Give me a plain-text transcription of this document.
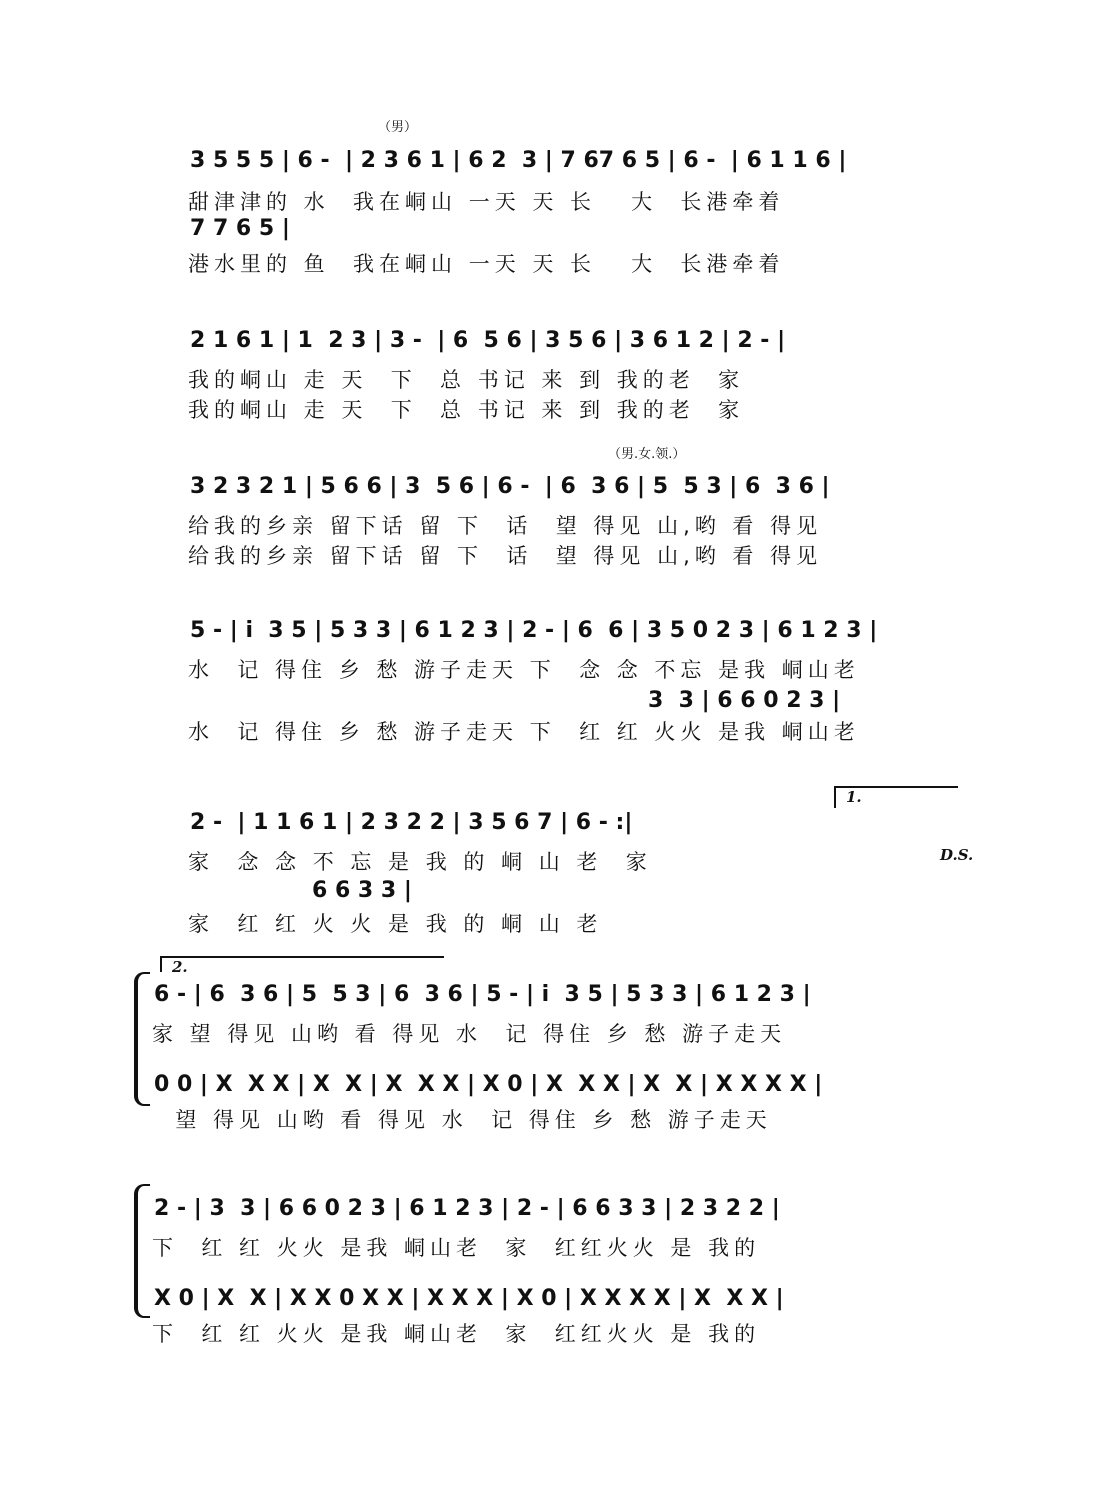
（男）
3 5 5 5 | 6 -  | 2 3 6 1 | 6 2  3 | 7 67 6 5 | 6 -  | 6 1 1 6 |
甜津津的 水  我在峒山 一天 天 长   大  长港牵着
7 7 6 5 |
港水里的 鱼  我在峒山 一天 天 长   大  长港牵着
2 1 6 1 | 1  2 3 | 3 -  | 6  5 6 | 3 5 6 | 3 6 1 2 | 2 - |
我的峒山 走 天  下  总 书记 来 到 我的老  家
我的峒山 走 天  下  总 书记 来 到 我的老  家
（男.女.领.）
3 2 3 2 1 | 5 6 6 | 3  5 6 | 6 -  | 6  3 6 | 5  5 3 | 6  3 6 |
给我的乡亲 留下话 留 下  话  望 得见 山,哟 看 得见
给我的乡亲 留下话 留 下  话  望 得见 山,哟 看 得见
5 - | i  3 5 | 5 3 3 | 6 1 2 3 | 2 - | 6  6 | 3 5 0 2 3 | 6 1 2 3 |
水  记 得住 乡 愁 游子走天 下  念 念 不忘 是我 峒山老
3  3 | 6 6 0 2 3 |
水  记 得住 乡 愁 游子走天 下  红 红 火火 是我 峒山老
1.
2 -  | 1 1 6 1 | 2 3 2 2 | 3 5 6 7 | 6 - :|
家  念 念 不 忘 是 我 的 峒 山 老  家	D.S.
6 6 3 3 |
家  红 红 火 火 是 我 的 峒 山 老
2.
6 - | 6  3 6 | 5  5 3 | 6  3 6 | 5 - | i  3 5 | 5 3 3 | 6 1 2 3 |
家 望 得见 山哟 看 得见 水  记 得住 乡 愁 游子走天
0 0 | X  X X | X  X | X  X X | X 0 | X  X X | X  X | X X X X |
望 得见 山哟 看 得见 水  记 得住 乡 愁 游子走天
2 - | 3  3 | 6 6 0 2 3 | 6 1 2 3 | 2 - | 6 6 3 3 | 2 3 2 2 |
下  红 红 火火 是我 峒山老  家  红红火火 是 我的
X 0 | X  X | X X 0 X X | X X X | X 0 | X X X X | X  X X |
下  红 红 火火 是我 峒山老  家  红红火火 是 我的
